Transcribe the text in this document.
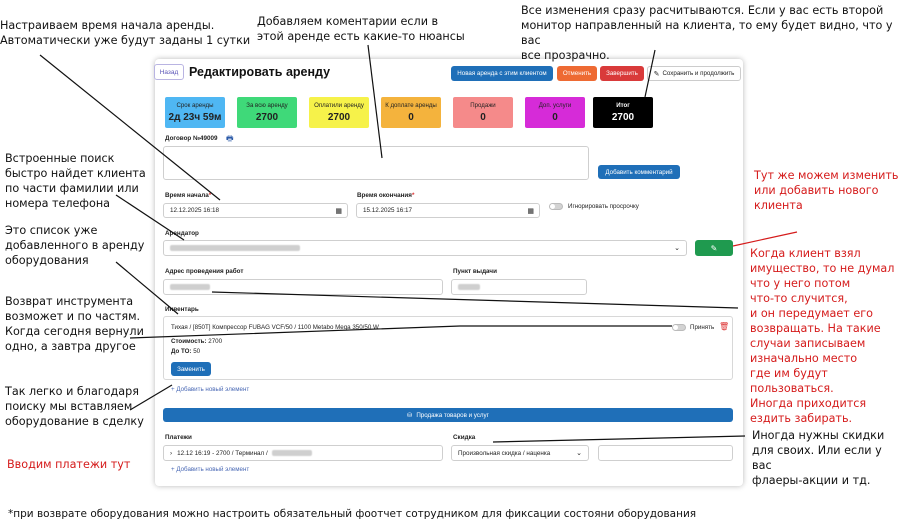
Назад Редактировать аренду	Новая аренда с этим клиентом	Отменить	Завершить	✎ Сохранить и продолжить
Срок аренды
2д 23ч 59м
За всю аренду
2700
Оплатили аренду
2700
К доплате аренды
0
Продажи
0
Доп. услуги
0
Итог
2700
Договор №49009 🖶
Добавить комментарий
Время начала*
12.12.2025 16:18	▦
Время окончания*
15.12.2025 16:17	▦
Игнорировать просрочку
Арендатор
⌄	✎
Адрес проведения работ	Пункт выдачи
Инвентарь
Тихая / [850T] Компрессор FUBAG VCF/50 / 1100 Metabo Mega 350/50 W	Принять 🗑
Стоимость: 2700
До ТО: 50
Заменить
+ Добавить новый элемент
⛁ Продажа товаров и услуг
Платежи
› 12.12 16:19 - 2700 / Терминал /
+ Добавить новый элемент
Скидка
Произвольная скидка / наценка	⌄
Настраиваем время начала аренды.
Автоматически уже будут заданы 1 сутки
Добавляем коментарии если в
этой аренде есть какие-то нюансы
Все изменения сразу расчитываются. Если у вас есть второй
монитор направленный на клиента, то ему будет видно, что у вас
все прозрачно.
Встроенные поиск
быстро найдет клиента
по части фамилии или
номера телефона
Это список уже
добавленного в аренду
оборудования
Возврат инструмента
возможет и по частям.
Когда сегодня вернули
одно, а завтра другое
Так легко и благодаря
поиску мы вставляем
оборудование в сделку
Вводим платежи тут
Тут же можем изменить
или добавить нового
клиента
Когда клиент взял
имущество, то не думал
что у него потом
что-то случится,
и он передумает его
возвращать. На такие
случаи записываем
изначально место
где им будут пользоваться.
Иногда приходится
ездить забирать.
Иногда нужны скидки
для своих. Или если у вас
флаеры-акции и тд.
*при возврате оборудования можно настроить обязательный фоотчет сотрудником для фиксации состояни оборудования
